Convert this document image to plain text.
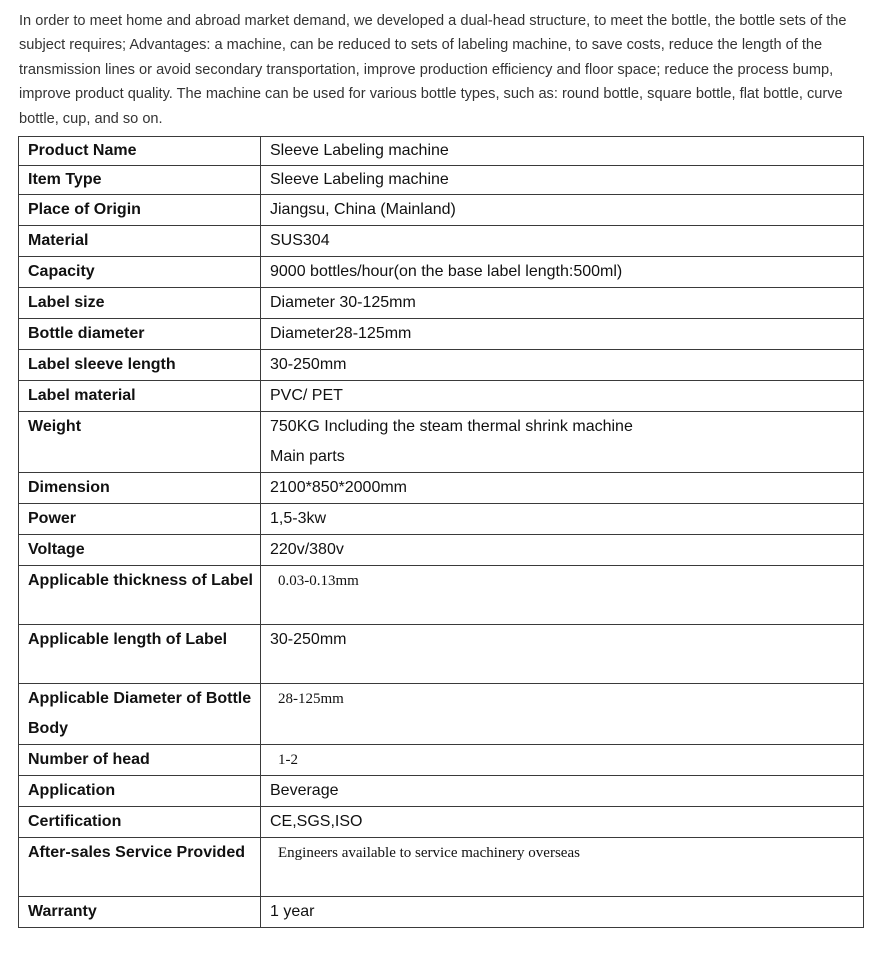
In order to meet home and abroad market demand, we developed a dual-head structure, to meet the bottle, the bottle sets of the subject requires; Advantages: a machine, can be reduced to sets of labeling machine, to save costs, reduce the length of the transmission lines or avoid secondary transportation, improve production efficiency and floor space; reduce the process bump, improve product quality. The machine can be used for various bottle types, such as: round bottle, square bottle, flat bottle, curve bottle, cup, and so on.

Product Name	Sleeve Labeling machine
Item Type	Sleeve Labeling machine
Place of Origin	Jiangsu, China (Mainland)
Material	SUS304
Capacity	9000 bottles/hour(on the base label length:500ml)
Label size	Diameter 30-125mm
Bottle diameter	Diameter28-125mm
Label sleeve length	30-250mm
Label material	PVC/ PET
Weight	750KG Including the steam thermal shrink machine
Main parts

Dimension	2100*850*2000mm
Power	1,5-3kw
Voltage	220v/380v
Applicable thickness of Label	0.03-0.13mm
Applicable length of Label	30-250mm
Applicable Diameter of Bottle Body	28-125mm
Number of head	1-2
Application	Beverage
Certification	CE,SGS,ISO
After-sales Service Provided	Engineers available to service machinery overseas
Warranty	1 year
